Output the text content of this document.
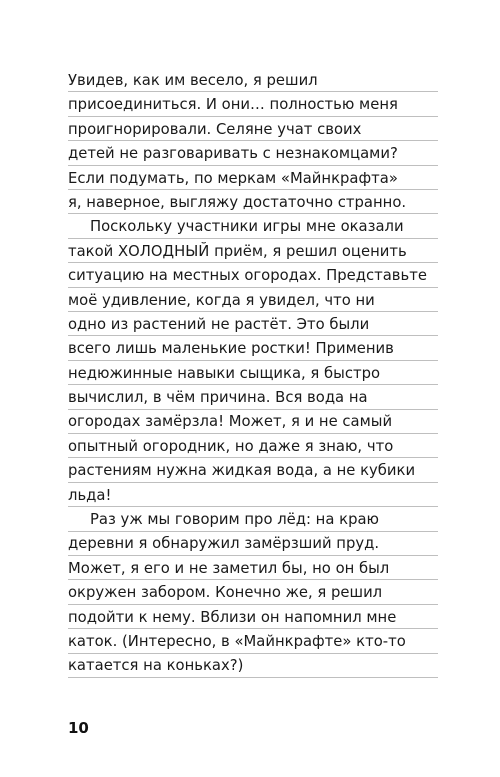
Увидев, как им весело, я решил
присоединиться. И они… полностью меня
проигнорировали. Селяне учат своих
детей не разговаривать с незнакомцами?
Если подумать, по меркам «Майнкрафта»
я, наверное, выгляжу достаточно странно.
Поскольку участники игры мне оказали
такой ХОЛОДНЫЙ приём, я решил оценить
ситуацию на местных огородах. Представьте
моё удивление, когда я увидел, что ни
одно из растений не растёт. Это были
всего лишь маленькие ростки! Применив
недюжинные навыки сыщика, я быстро
вычислил, в чём причина. Вся вода на
огородах замёрзла! Может, я и не самый
опытный огородник, но даже я знаю, что
растениям нужна жидкая вода, а не кубики
льда!
Раз уж мы говорим про лёд: на краю
деревни я обнаружил замёрзший пруд.
Может, я его и не заметил бы, но он был
окружен забором. Конечно же, я решил
подойти к нему. Вблизи он напомнил мне
каток. (Интересно, в «Майнкрафте» кто-то
катается на коньках?)
10
